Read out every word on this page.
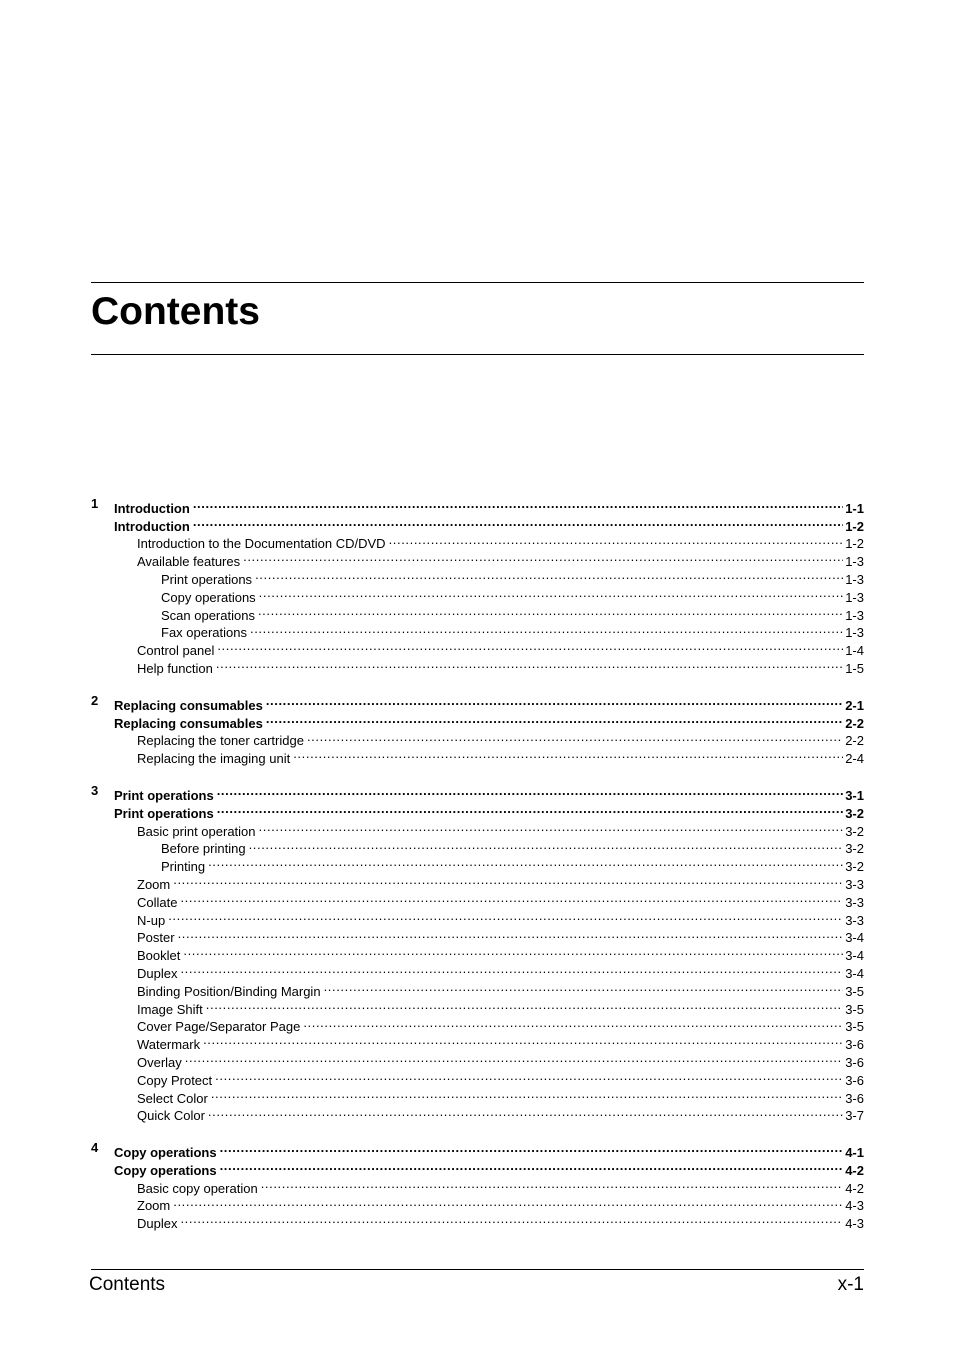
Contents
1	Introduction .....	1-1
Introduction .....	1-2
Introduction to the Documentation CD/DVD .....	1-2
Available features .....	1-3
Print operations .....	1-3
Copy operations .....	1-3
Scan operations .....	1-3
Fax operations .....	1-3
Control panel .....	1-4
Help function .....	1-5
2	Replacing consumables .....	2-1
Replacing consumables .....	2-2
Replacing the toner cartridge .....	2-2
Replacing the imaging unit .....	2-4
3	Print operations .....	3-1
Print operations .....	3-2
Basic print operation .....	3-2
Before printing .....	3-2
Printing .....	3-2
Zoom .....	3-3
Collate .....	3-3
N-up .....	3-3
Poster .....	3-4
Booklet .....	3-4
Duplex .....	3-4
Binding Position/Binding Margin .....	3-5
Image Shift .....	3-5
Cover Page/Separator Page .....	3-5
Watermark .....	3-6
Overlay .....	3-6
Copy Protect .....	3-6
Select Color .....	3-6
Quick Color .....	3-7
4	Copy operations .....	4-1
Copy operations .....	4-2
Basic copy operation .....	4-2
Zoom .....	4-3
Duplex .....	4-3
Contents	x-1
